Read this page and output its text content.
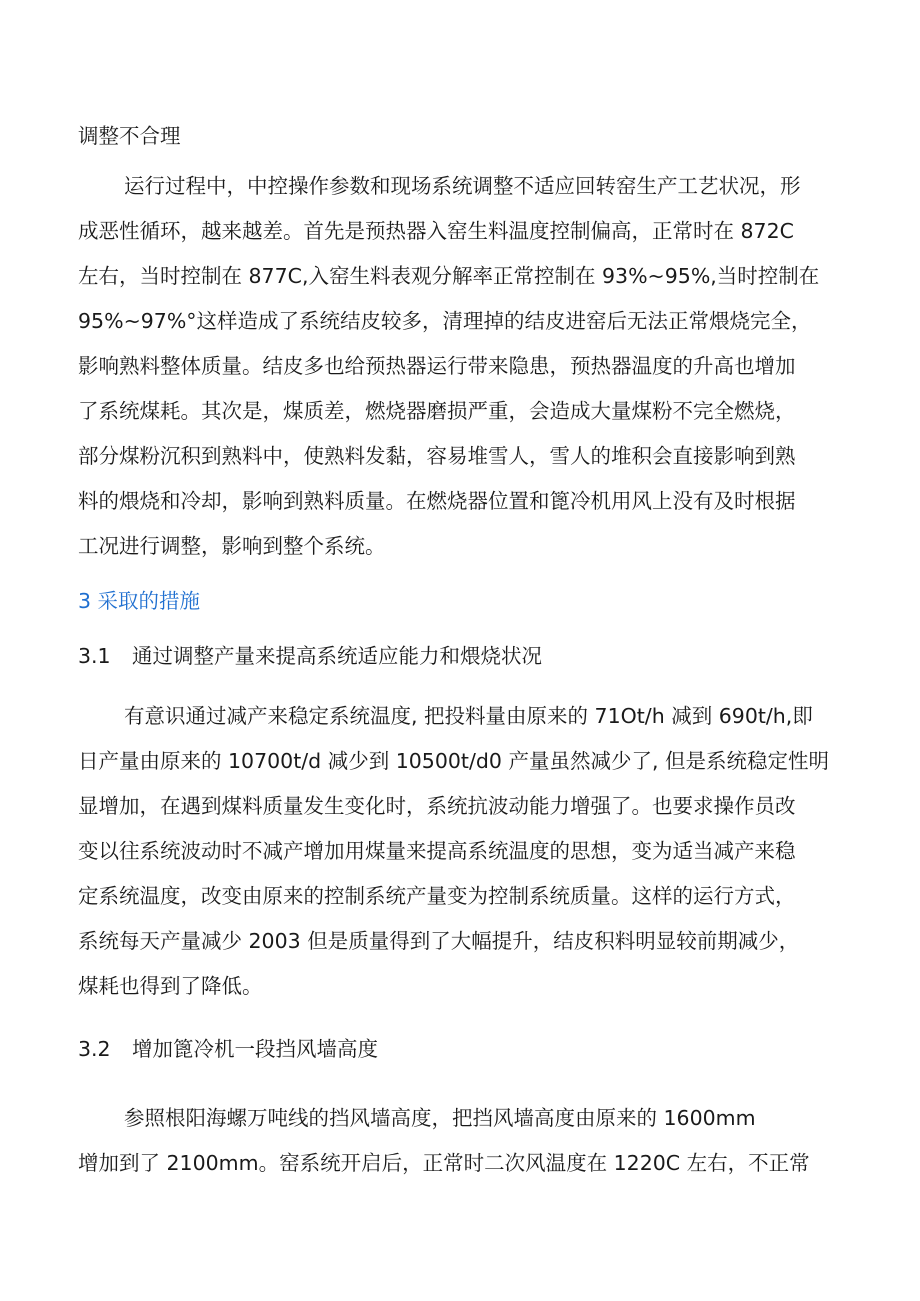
调整不合理
运行过程中，中控操作参数和现场系统调整不适应回转窑生产工艺状况，形
成恶性循环，越来越差。首先是预热器入窑生料温度控制偏高，正常时在 872C
左右，当时控制在 877C,入窑生料表观分解率正常控制在 93%~95%,当时控制在
95%~97%°这样造成了系统结皮较多，清理掉的结皮进窑后无法正常煨烧完全，
影响熟料整体质量。结皮多也给预热器运行带来隐患，预热器温度的升高也增加
了系统煤耗。其次是，煤质差，燃烧器磨损严重，会造成大量煤粉不完全燃烧，
部分煤粉沉积到熟料中，使熟料发黏，容易堆雪人，雪人的堆积会直接影响到熟
料的煨烧和冷却，影响到熟料质量。在燃烧器位置和篦冷机用风上没有及时根据
工况进行调整，影响到整个系统。
3 采取的措施
3.1 通过调整产量来提高系统适应能力和煨烧状况
有意识通过减产来稳定系统温度, 把投料量由原来的 71Ot/h 减到 690t/h,即
日产量由原来的 10700t/d 减少到 10500t/d0 产量虽然减少了, 但是系统稳定性明
显增加，在遇到煤料质量发生变化时，系统抗波动能力增强了。也要求操作员改
变以往系统波动时不减产增加用煤量来提高系统温度的思想，变为适当减产来稳
定系统温度，改变由原来的控制系统产量变为控制系统质量。这样的运行方式，
系统每天产量减少 2003 但是质量得到了大幅提升，结皮积料明显较前期减少，
煤耗也得到了降低。
3.2 增加篦冷机一段挡风墙高度
参照根阳海螺万吨线的挡风墙高度，把挡风墙高度由原来的 1600mm
增加到了 2100mm。窑系统开启后，正常时二次风温度在 1220C 左右，不正常
